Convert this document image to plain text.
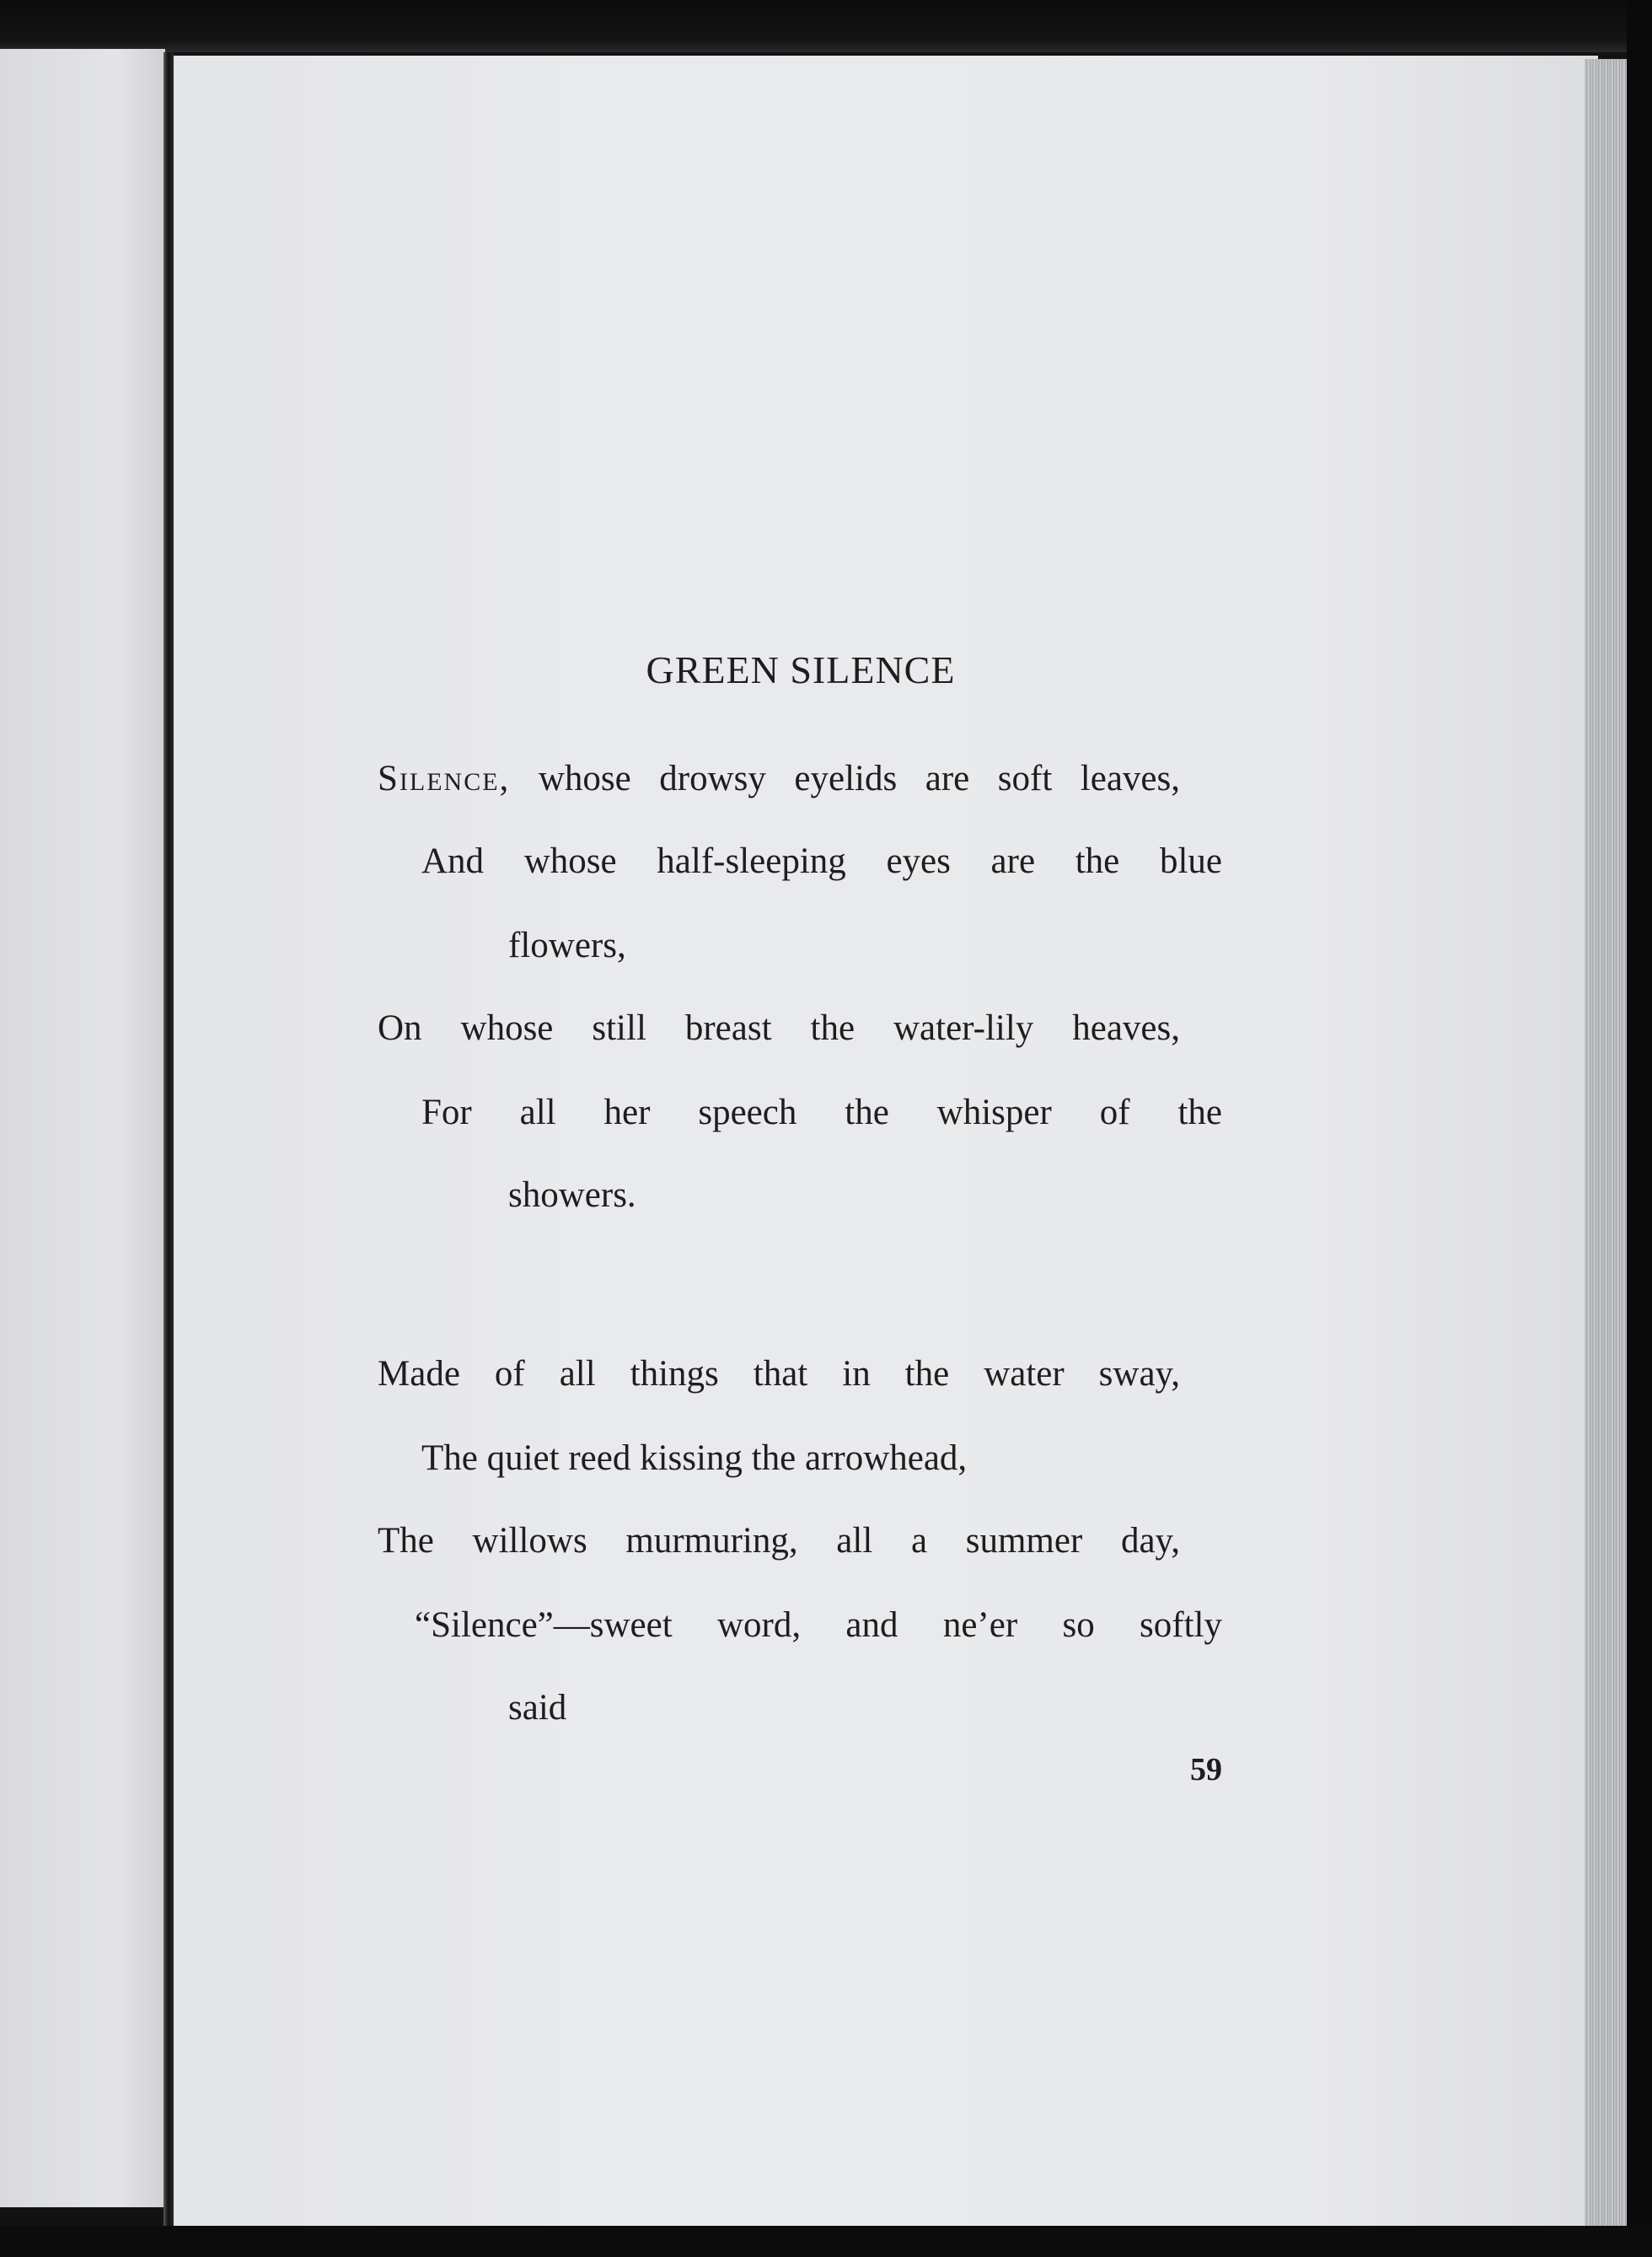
GREEN SILENCE
Silence, whose drowsy eyelids are soft leaves,
And whose half-sleeping eyes are the blue
flowers,
On whose still breast the water-lily heaves,
For all her speech the whisper of the
showers.
Made of all things that in the water sway,
The quiet reed kissing the arrowhead,
The willows murmuring, all a summer day,
“Silence”—sweet word, and ne’er so softly
said
59
